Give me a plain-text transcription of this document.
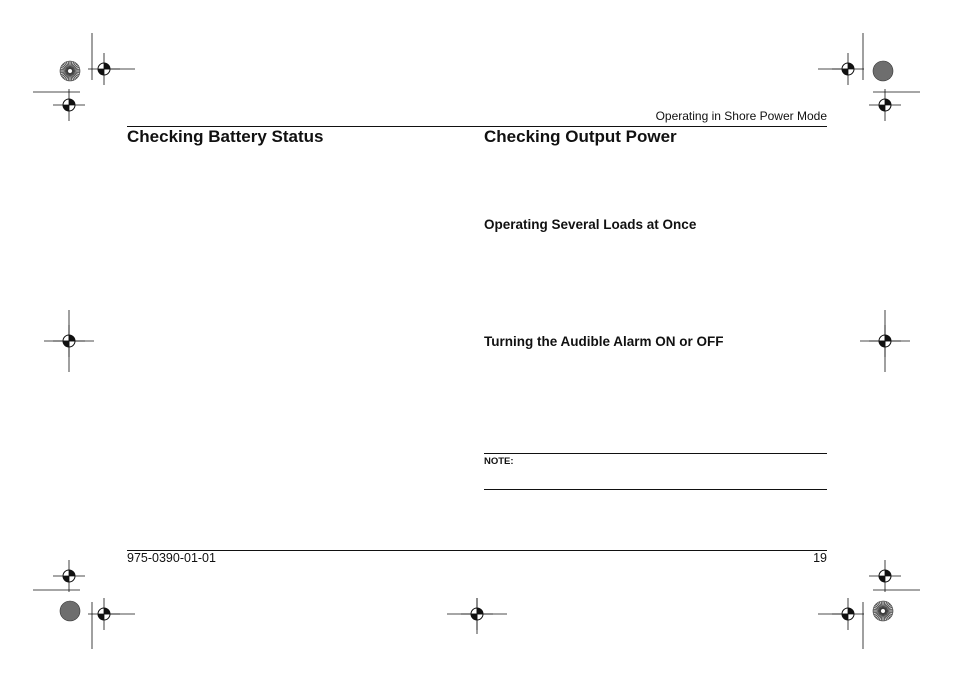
Operating in Shore Power Mode
Checking Battery Status	Checking Output Power
Operating Several Loads at Once
Turning the Audible Alarm ON or OFF
NOTE:
975-0390-01-01	19
